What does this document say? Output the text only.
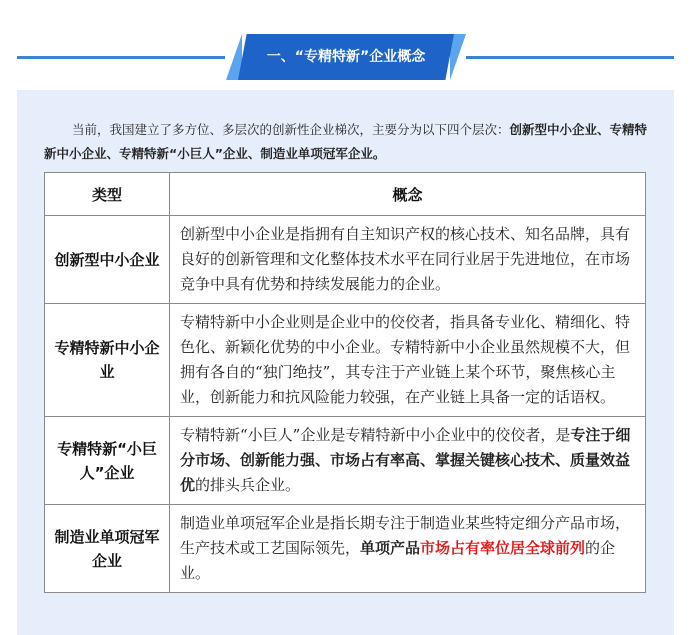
一、“专精特新”企业概念

当前，我国建立了多方位、多层次的创新性企业梯次，主要分为以下四个层次：创新型中小企业、专精特新中小企业、专精特新“小巨人”企业、制造业单项冠军企业。

类型	概念
创新型中小企业	创新型中小企业是指拥有自主知识产权的核心技术、知名品牌，具有良好的创新管理和文化整体技术水平在同行业居于先进地位，在市场竞争中具有优势和持续发展能力的企业。
专精特新中小企业	专精特新中小企业则是企业中的佼佼者，指具备专业化、精细化、特色化、新颖化优势的中小企业。专精特新中小企业虽然规模不大，但拥有各自的“独门绝技”，其专注于产业链上某个环节，聚焦核心主业，创新能力和抗风险能力较强，在产业链上具备一定的话语权。
专精特新“小巨人”企业	专精特新“小巨人”企业是专精特新中小企业中的佼佼者，是专注于细分市场、创新能力强、市场占有率高、掌握关键核心技术、质量效益优的排头兵企业。
制造业单项冠军企业	制造业单项冠军企业是指长期专注于制造业某些特定细分产品市场，生产技术或工艺国际领先，单项产品市场占有率位居全球前列的企业。
